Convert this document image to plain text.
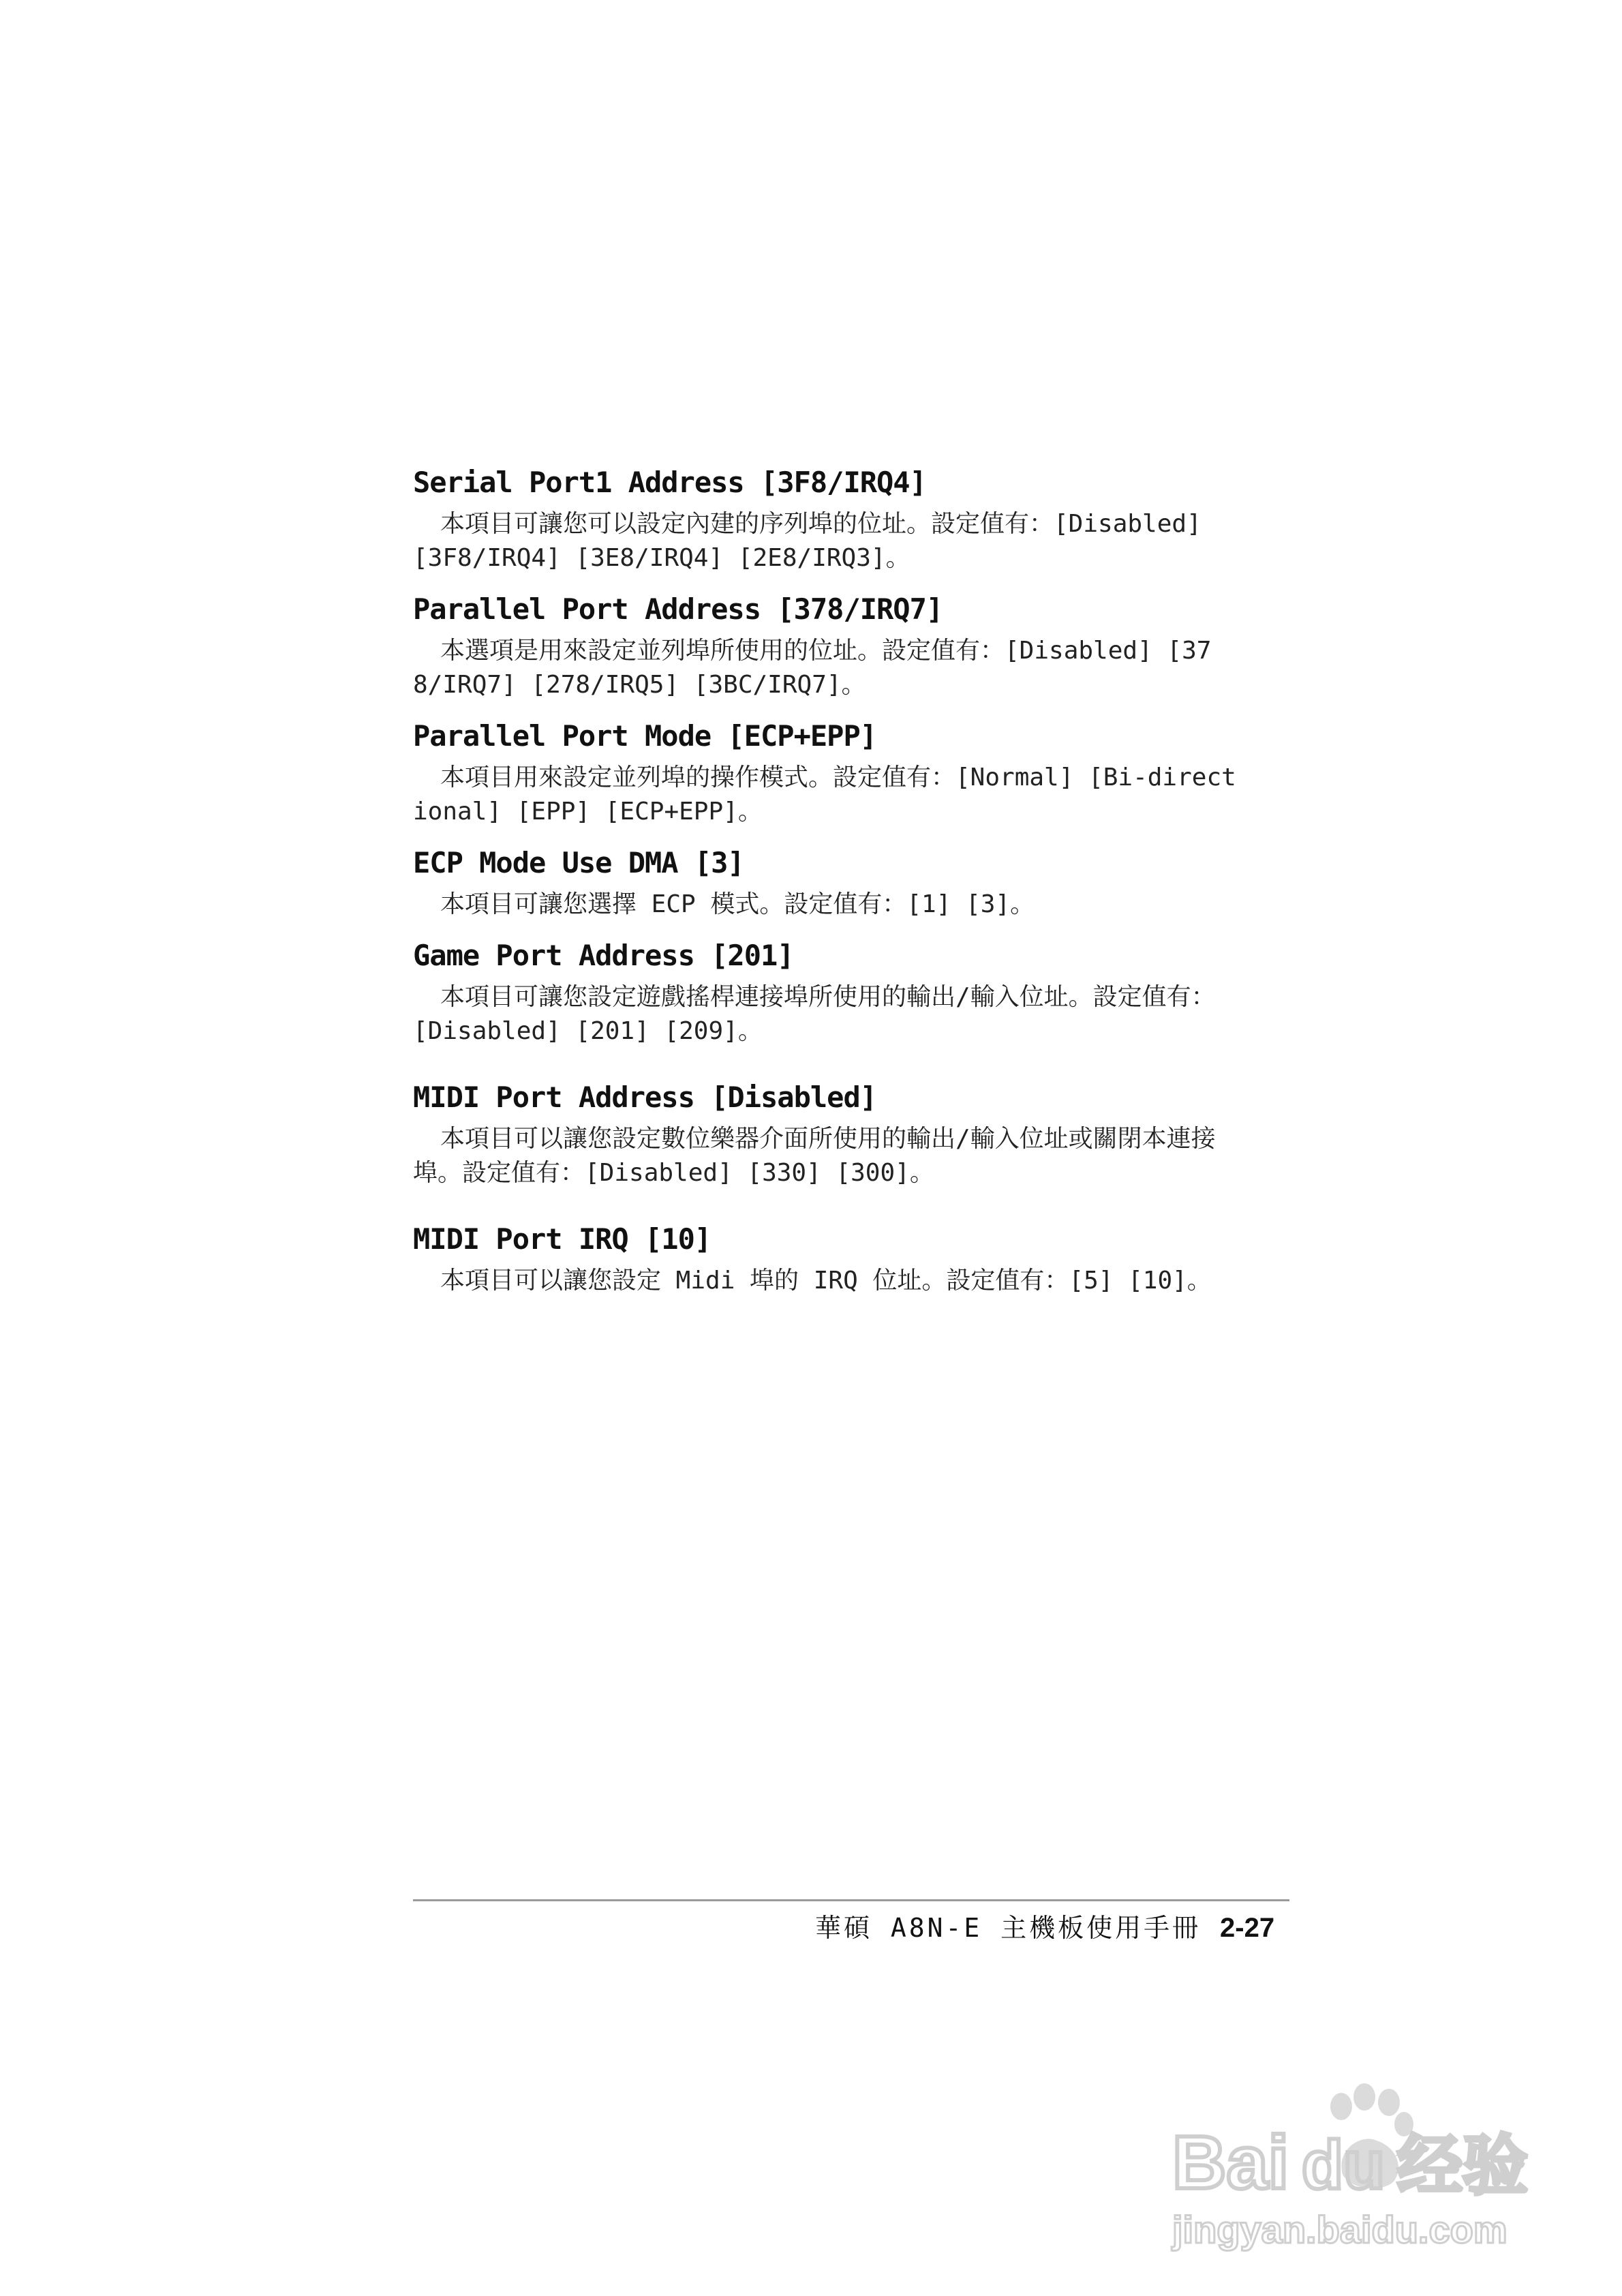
Serial Port1 Address [3F8/IRQ4]

本項目可讓您可以設定內建的序列埠的位址。設定值有：[Disabled] [3F8/IRQ4] [3E8/IRQ4] [2E8/IRQ3]。

Parallel Port Address [378/IRQ7]

本選項是用來設定並列埠所使用的位址。設定值有：[Disabled] [378/IRQ7] [278/IRQ5] [3BC/IRQ7]。

Parallel Port Mode [ECP+EPP]

本項目用來設定並列埠的操作模式。設定值有：[Normal] [Bi-directional] [EPP] [ECP+EPP]。

ECP Mode Use DMA [3]

本項目可讓您選擇 ECP 模式。設定值有：[1] [3]。

Game Port Address [201]

本項目可讓您設定遊戲搖桿連接埠所使用的輸出/輸入位址。設定值有：[Disabled] [201] [209]。

MIDI Port Address [Disabled]

本項目可以讓您設定數位樂器介面所使用的輸出/輸入位址或關閉本連接埠。設定值有：[Disabled] [330] [300]。

MIDI Port IRQ [10]

本項目可以讓您設定 Midi 埠的 IRQ 位址。設定值有：[5] [10]。

華碩 A8N-E 主機板使用手冊 2-27
Bai du 经验
jingyan.baidu.com
